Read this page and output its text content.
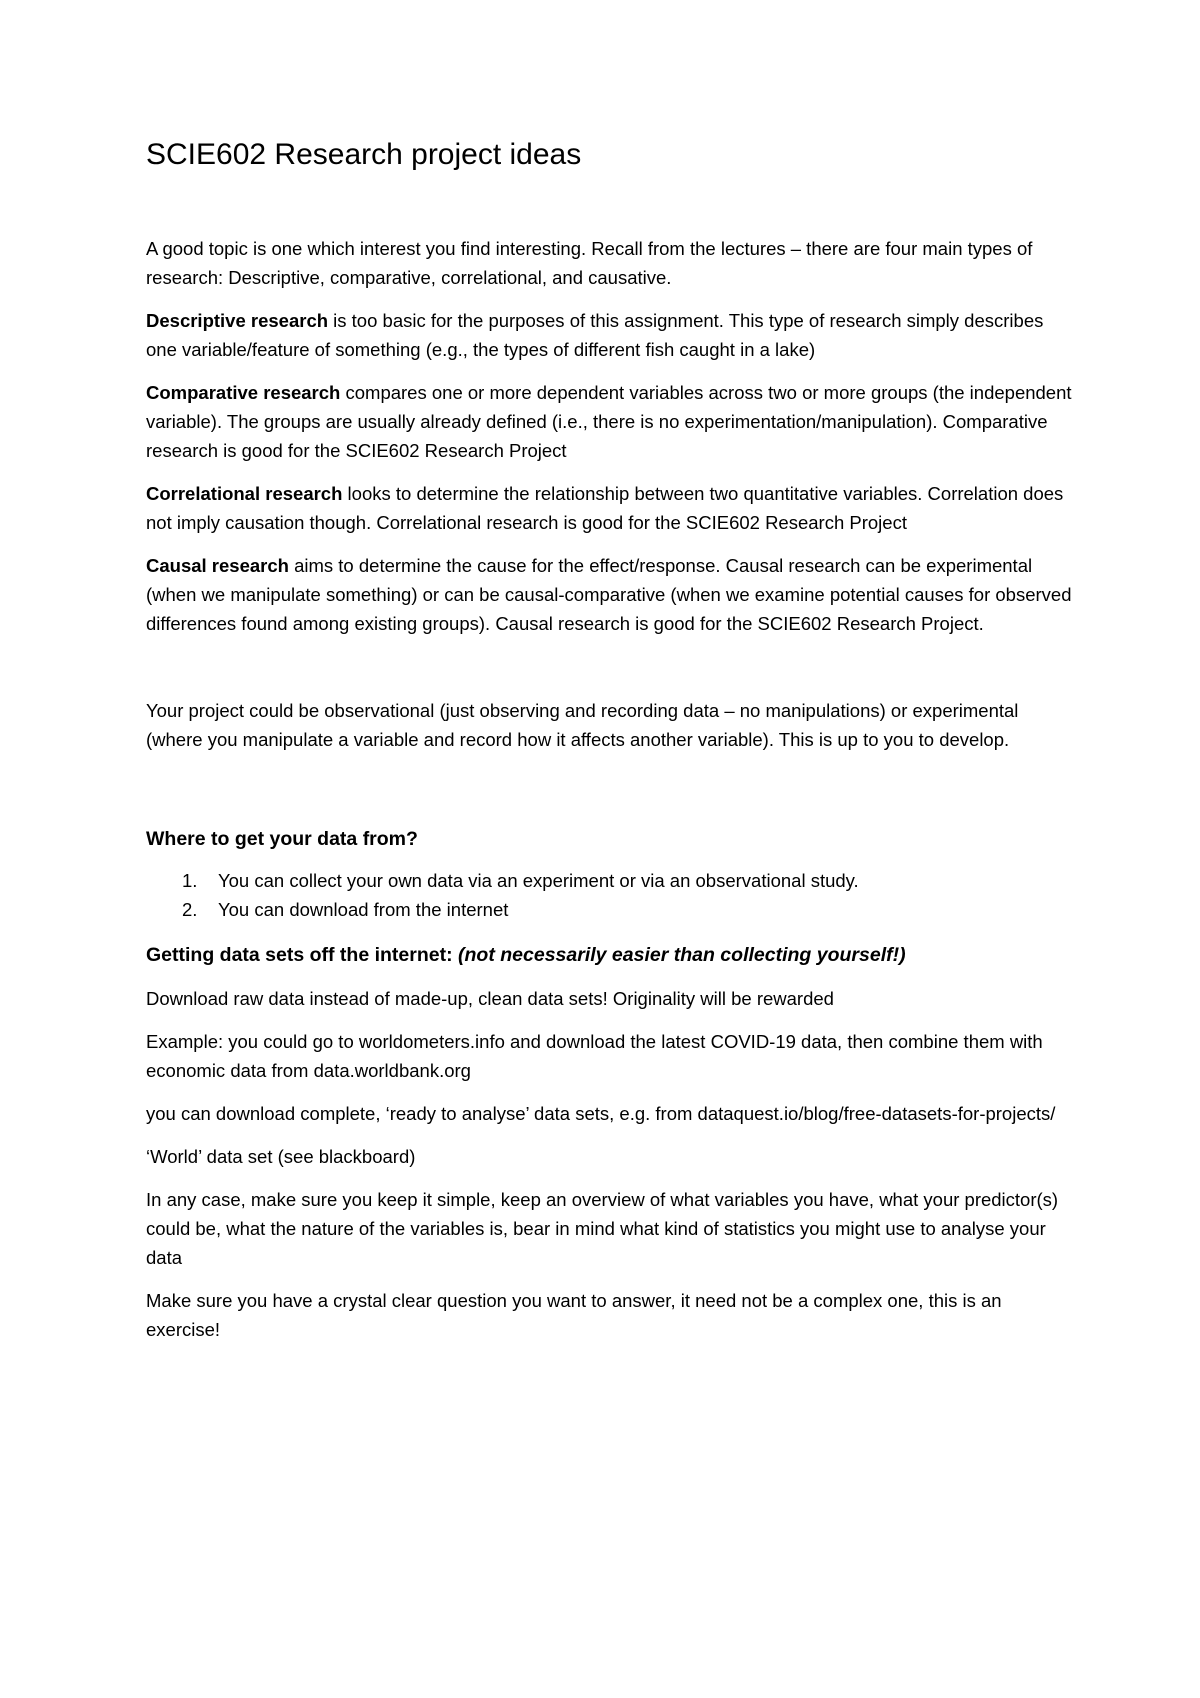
SCIE602 Research project ideas

A good topic is one which interest you find interesting. Recall from the lectures – there are four main types of research: Descriptive, comparative, correlational, and causative.

Descriptive research is too basic for the purposes of this assignment. This type of research simply describes one variable/feature of something (e.g., the types of different fish caught in a lake)

Comparative research compares one or more dependent variables across two or more groups (the independent variable). The groups are usually already defined (i.e., there is no experimentation/manipulation). Comparative research is good for the SCIE602 Research Project

Correlational research looks to determine the relationship between two quantitative variables. Correlation does not imply causation though. Correlational research is good for the SCIE602 Research Project

Causal research aims to determine the cause for the effect/response. Causal research can be experimental (when we manipulate something) or can be causal-comparative (when we examine potential causes for observed differences found among existing groups). Causal research is good for the SCIE602 Research Project.

Your project could be observational (just observing and recording data – no manipulations) or experimental (where you manipulate a variable and record how it affects another variable). This is up to you to develop.

Where to get your data from?
1. You can collect your own data via an experiment or via an observational study.
2. You can download from the internet
Getting data sets off the internet: (not necessarily easier than collecting yourself!)

Download raw data instead of made-up, clean data sets! Originality will be rewarded

Example: you could go to worldometers.info and download the latest COVID-19 data, then combine them with economic data from data.worldbank.org

you can download complete, ‘ready to analyse’ data sets, e.g. from dataquest.io/blog/free-datasets-for-projects/

‘World’ data set (see blackboard)

In any case, make sure you keep it simple, keep an overview of what variables you have, what your predictor(s) could be, what the nature of the variables is, bear in mind what kind of statistics you might use to analyse your data

Make sure you have a crystal clear question you want to answer, it need not be a complex one, this is an exercise!
